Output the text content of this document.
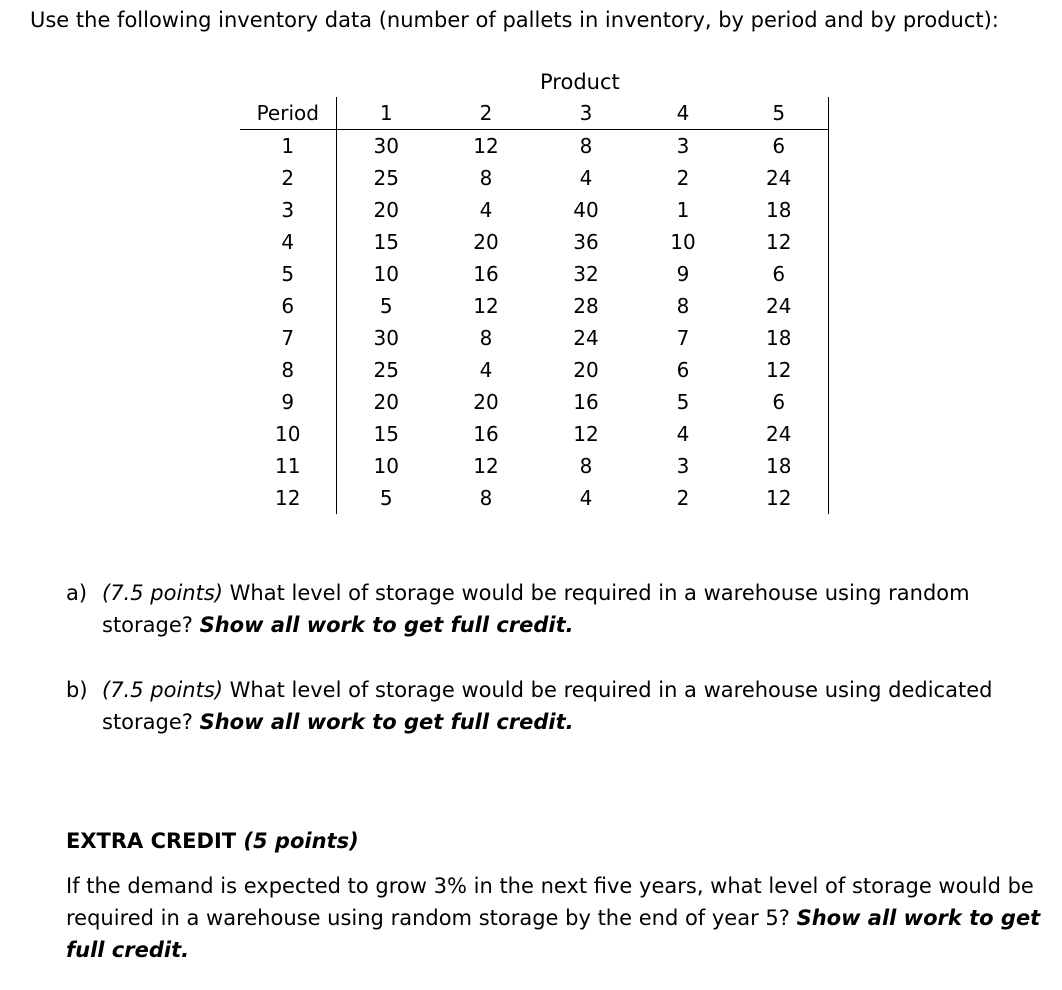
Use the following inventory data (number of pallets in inventory, by period and by product):
Product
Period	1	2	3	4	5
1	30	12	8	3	6
2	25	8	4	2	24
3	20	4	40	1	18
4	15	20	36	10	12
5	10	16	32	9	6
6	5	12	28	8	24
7	30	8	24	7	18
8	25	4	20	6	12
9	20	20	16	5	6
10	15	16	12	4	24
11	10	12	8	3	18
12	5	8	4	2	12
a) (7.5 points) What level of storage would be required in a warehouse using random storage? Show all work to get full credit.
b) (7.5 points) What level of storage would be required in a warehouse using dedicated storage? Show all work to get full credit.
EXTRA CREDIT (5 points)
If the demand is expected to grow 3% in the next five years, what level of storage would be required in a warehouse using random storage by the end of year 5? Show all work to get full credit.
